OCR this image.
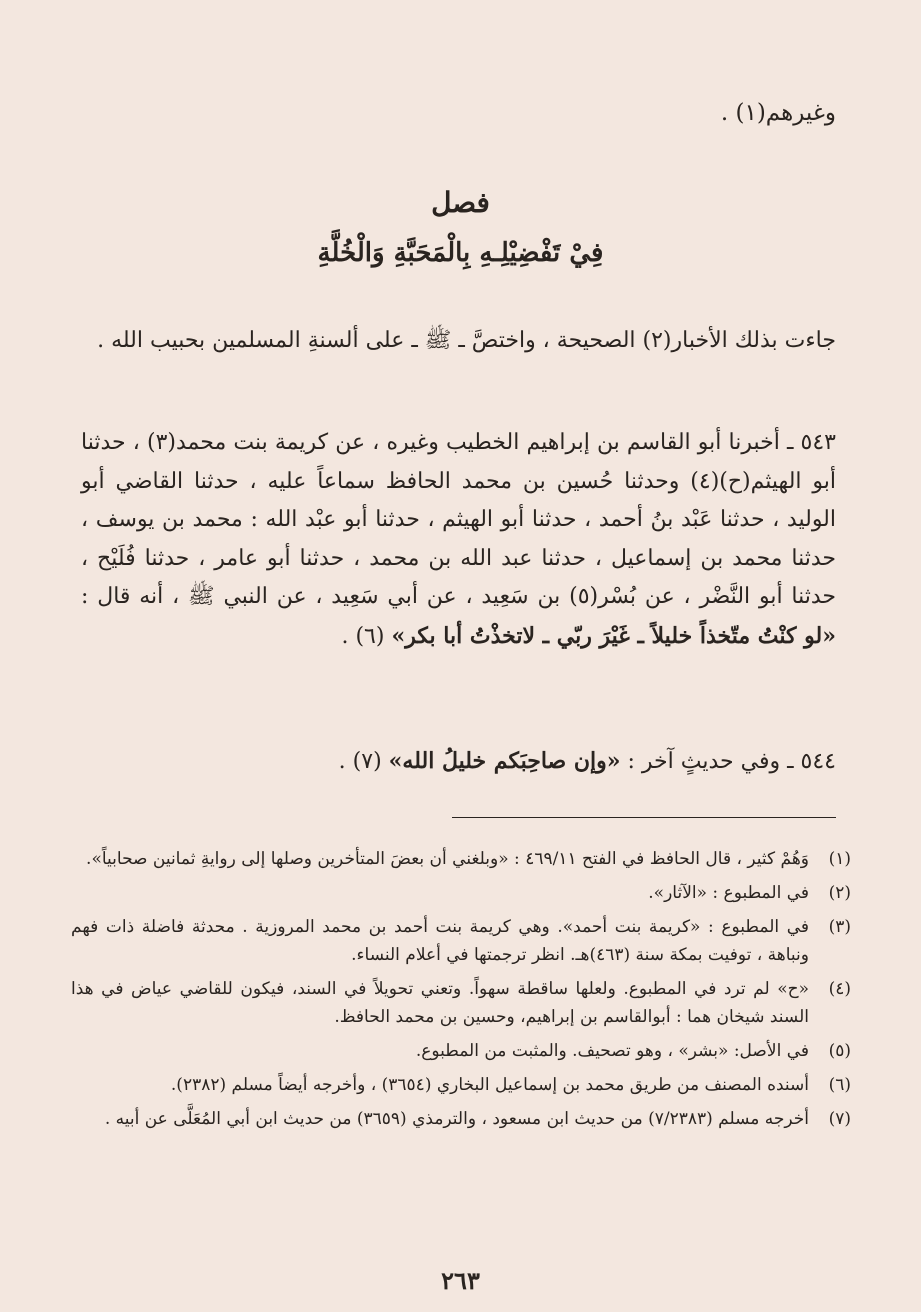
وغيرهم(١) .
فصل
فِيْ تَفْضِيْلِـهِ بِالْمَحَبَّةِ وَالْخُلَّةِ
جاءت بذلك الأخبار(٢) الصحيحة ، واختصَّ ـ ﷺ ـ على ألسنةِ المسلمين بحبيب الله .
٥٤٣ ـ أخبرنا أبو القاسم بن إبراهيم الخطيب وغيره ، عن كريمة بنت محمد(٣) ، حدثنا أبو الهيثم(ح)(٤) وحدثنا حُسين بن محمد الحافظ سماعاً عليه ، حدثنا القاضي أبو الوليد ، حدثنا عَبْد بنُ أحمد ، حدثنا أبو الهيثم ، حدثنا أبو عبْد الله : محمد بن يوسف ، حدثنا محمد بن إسماعيل ، حدثنا عبد الله بن محمد ، حدثنا أبو عامر ، حدثنا فُلَيْح ، حدثنا أبو النَّضْر ، عن بُسْر(٥) بن سَعِيد ، عن أبي سَعِيد ، عن النبي ﷺ ، أنه قال : «لو كنْتُ متّخذاً خليلاً ـ غَيْرَ ربّي ـ لاتخذْتُ أبا بكر» (٦) .
٥٤٤ ـ وفي حديثٍ آخر : «وإن صاحِبَكم خليلُ الله» (٧) .
(١)
وَهُمْ كثير ، قال الحافظ في الفتح ٤٦٩/١١ : «وبلغني أن بعضَ المتأخرين وصلها إلى روايةِ ثمانين صحابياً».
(٢)
في المطبوع : «الآثار».
(٣)
في المطبوع : «كريمة بنت أحمد». وهي كريمة بنت أحمد بن محمد المروزية . محدثة فاضلة ذات فهم ونباهة ، توفيت بمكة سنة (٤٦٣)هـ. انظر ترجمتها في أعلام النساء.
(٤)
«ح» لم ترد في المطبوع. ولعلها ساقطة سهواً. وتعني تحويلاً في السند، فيكون للقاضي عياض في هذا السند شيخان هما : أبوالقاسم بن إبراهيم، وحسين بن محمد الحافظ.
(٥)
في الأصل: «بشر» ، وهو تصحيف. والمثبت من المطبوع.
(٦)
أسنده المصنف من طريق محمد بن إسماعيل البخاري (٣٦٥٤) ، وأخرجه أيضاً مسلم (٢٣٨٢).
(٧)
أخرجه مسلم (٧/٢٣٨٣) من حديث ابن مسعود ، والترمذي (٣٦٥٩) من حديث ابن أبي المُعَلَّى عن أبيه .
٢٦٣
